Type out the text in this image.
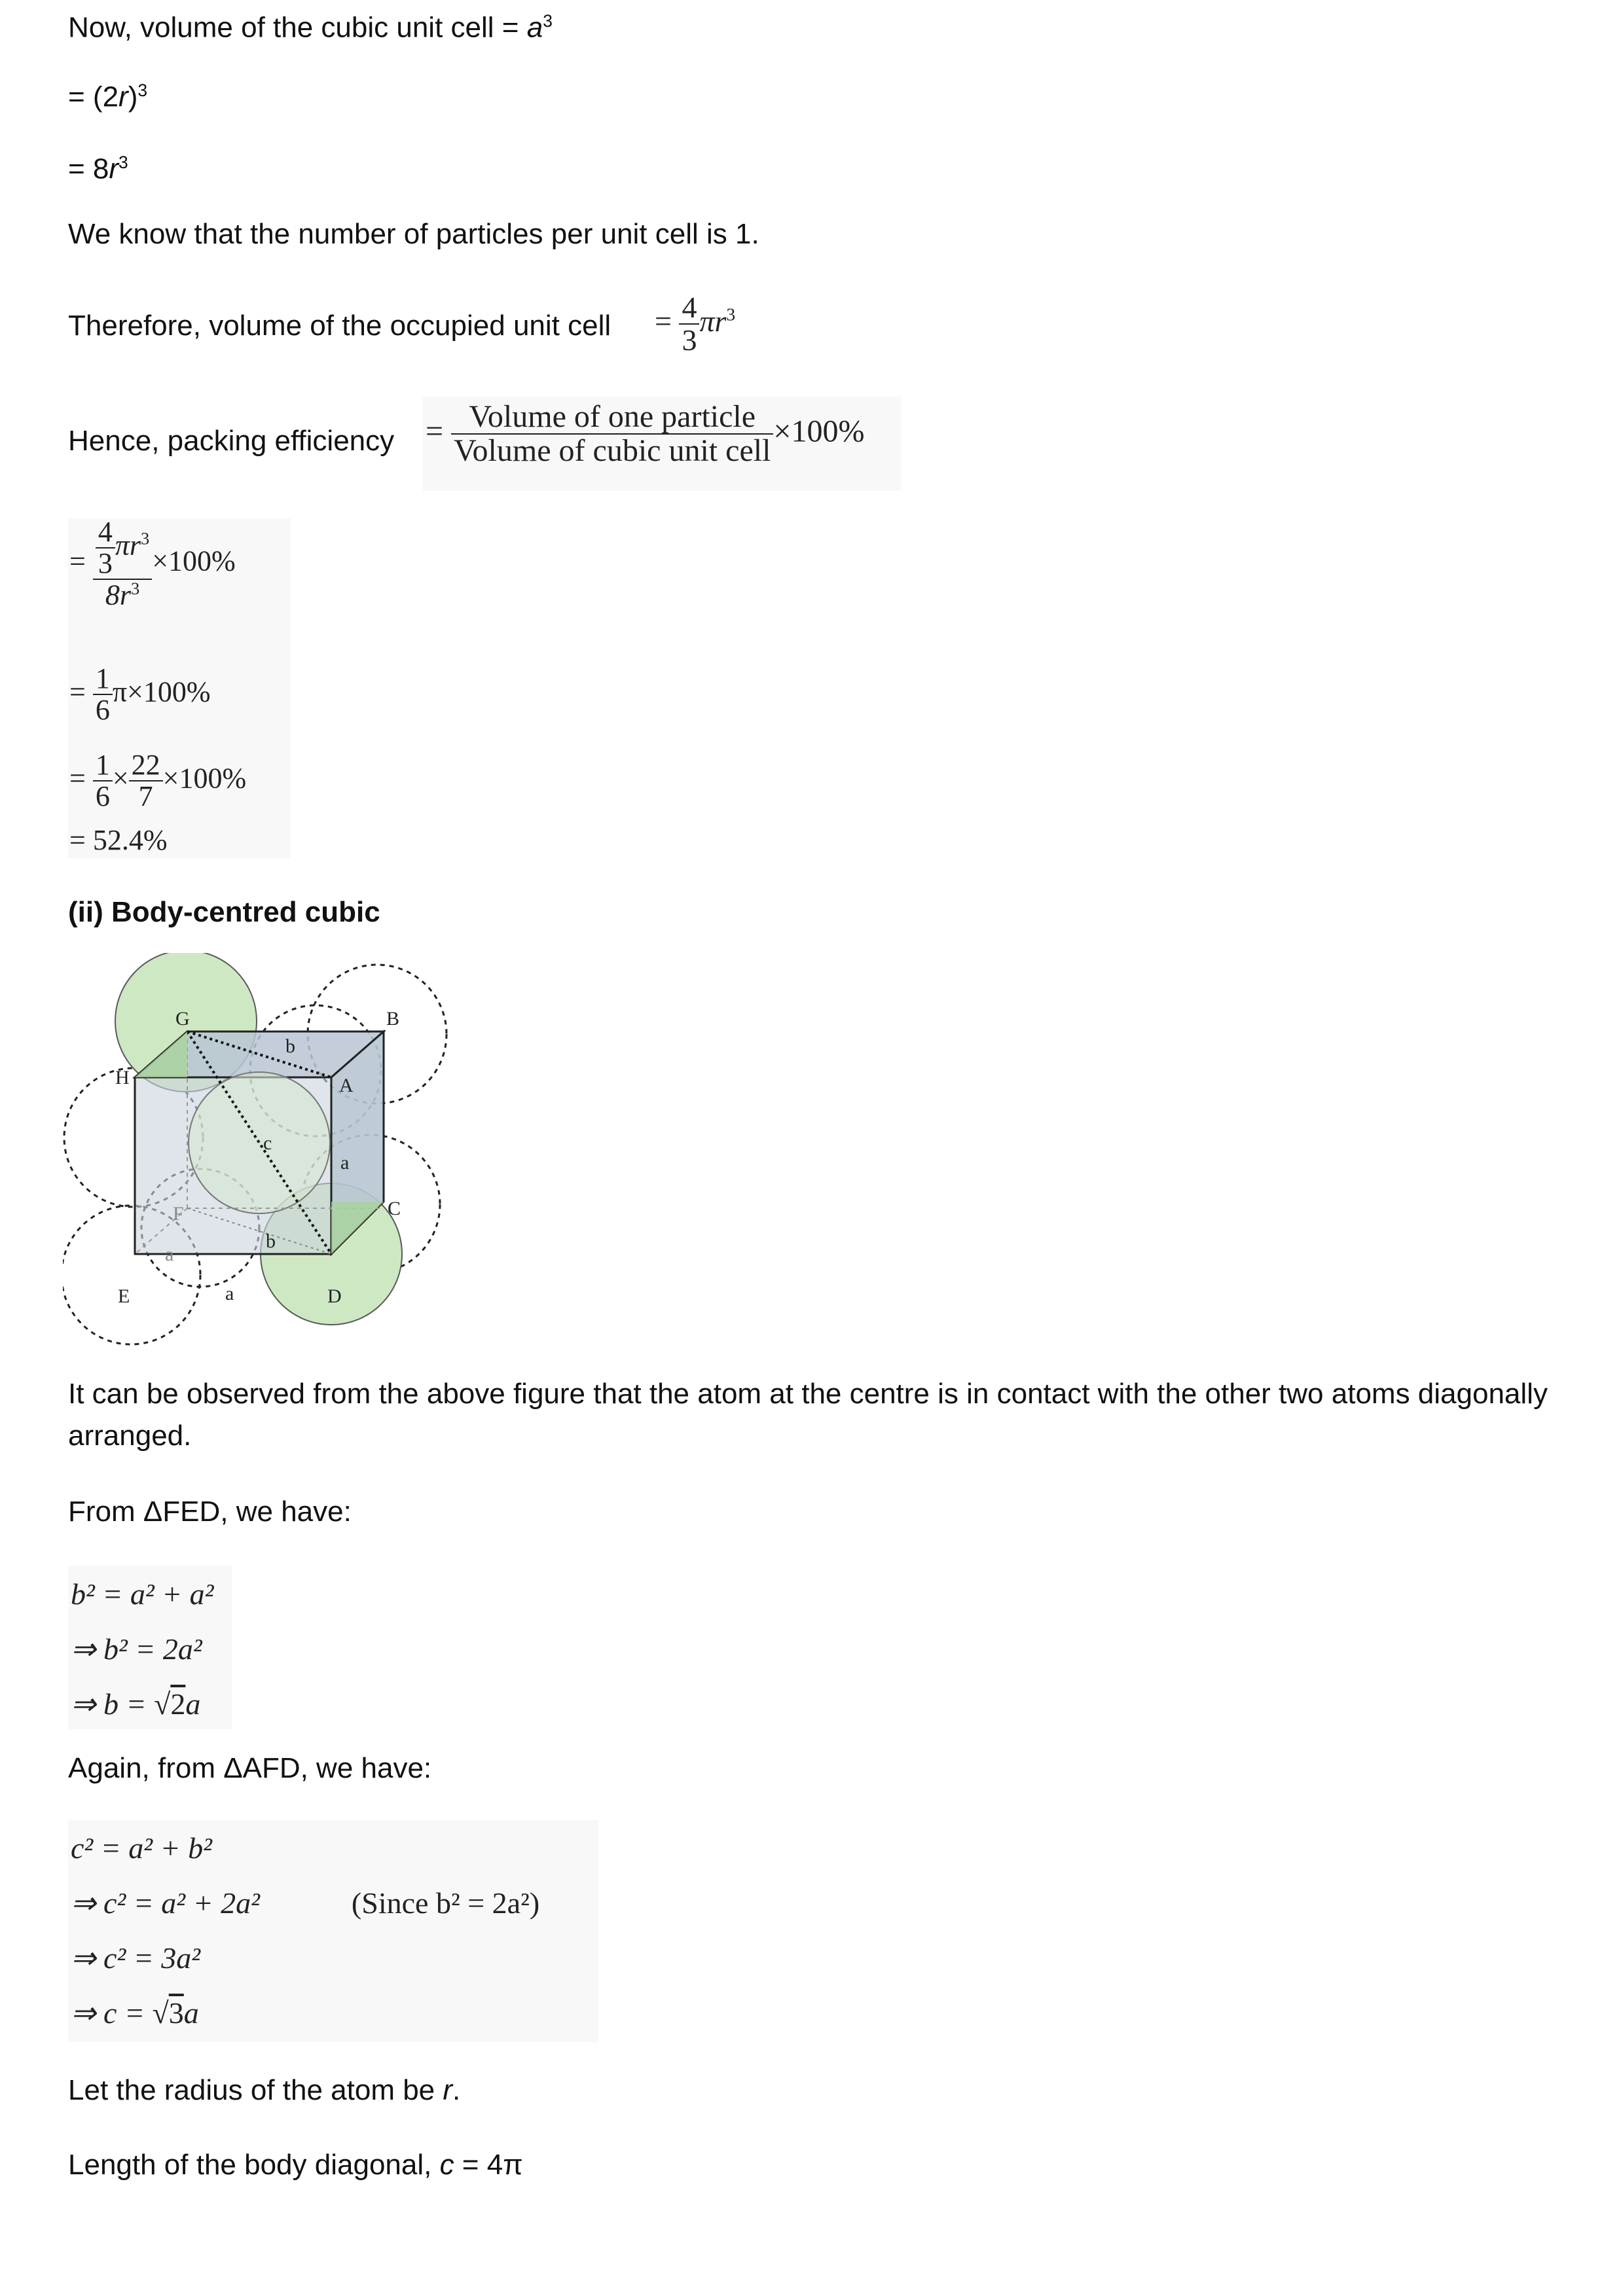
Now, volume of the cubic unit cell = $a^3$

= $(2r)^3$

= $8r^3$

We know that the number of particles per unit cell is 1.

Therefore, volume of the occupied unit cell = $\frac{4}{3} \pi r^3$

Hence, packing efficiency = $\frac{\text{Volume of one particle}}{\text{Volume of cubic unit cell}} \times 100\%$
= $\frac{\frac{4}{3} \pi r^3}{8r^3} \times 100\%$
= $\frac{1}{6} \pi\times 100\%$
= $\frac{1}{6} \times \frac{22}{7} \times 100\%$
= 52.4%

(ii) Body-centred cubic

G	B
H	A
C
E	D
F
b
b
c
a
a
a

It can be observed from the above figure that the atom at the centre is in contact with the other two atoms diagonally arranged.

From ΔFED, we have:

b² = a² + a²
⇒ b² = 2a²
⇒ b = √2a

Again, from ΔAFD, we have:

c² = a² + b²
⇒ c² = a² + 2a²	(Since b² = 2a²)
⇒ c² = 3a²
⇒ c = √3a

Let the radius of the atom be r.

Length of the body diagonal, c = 4π
